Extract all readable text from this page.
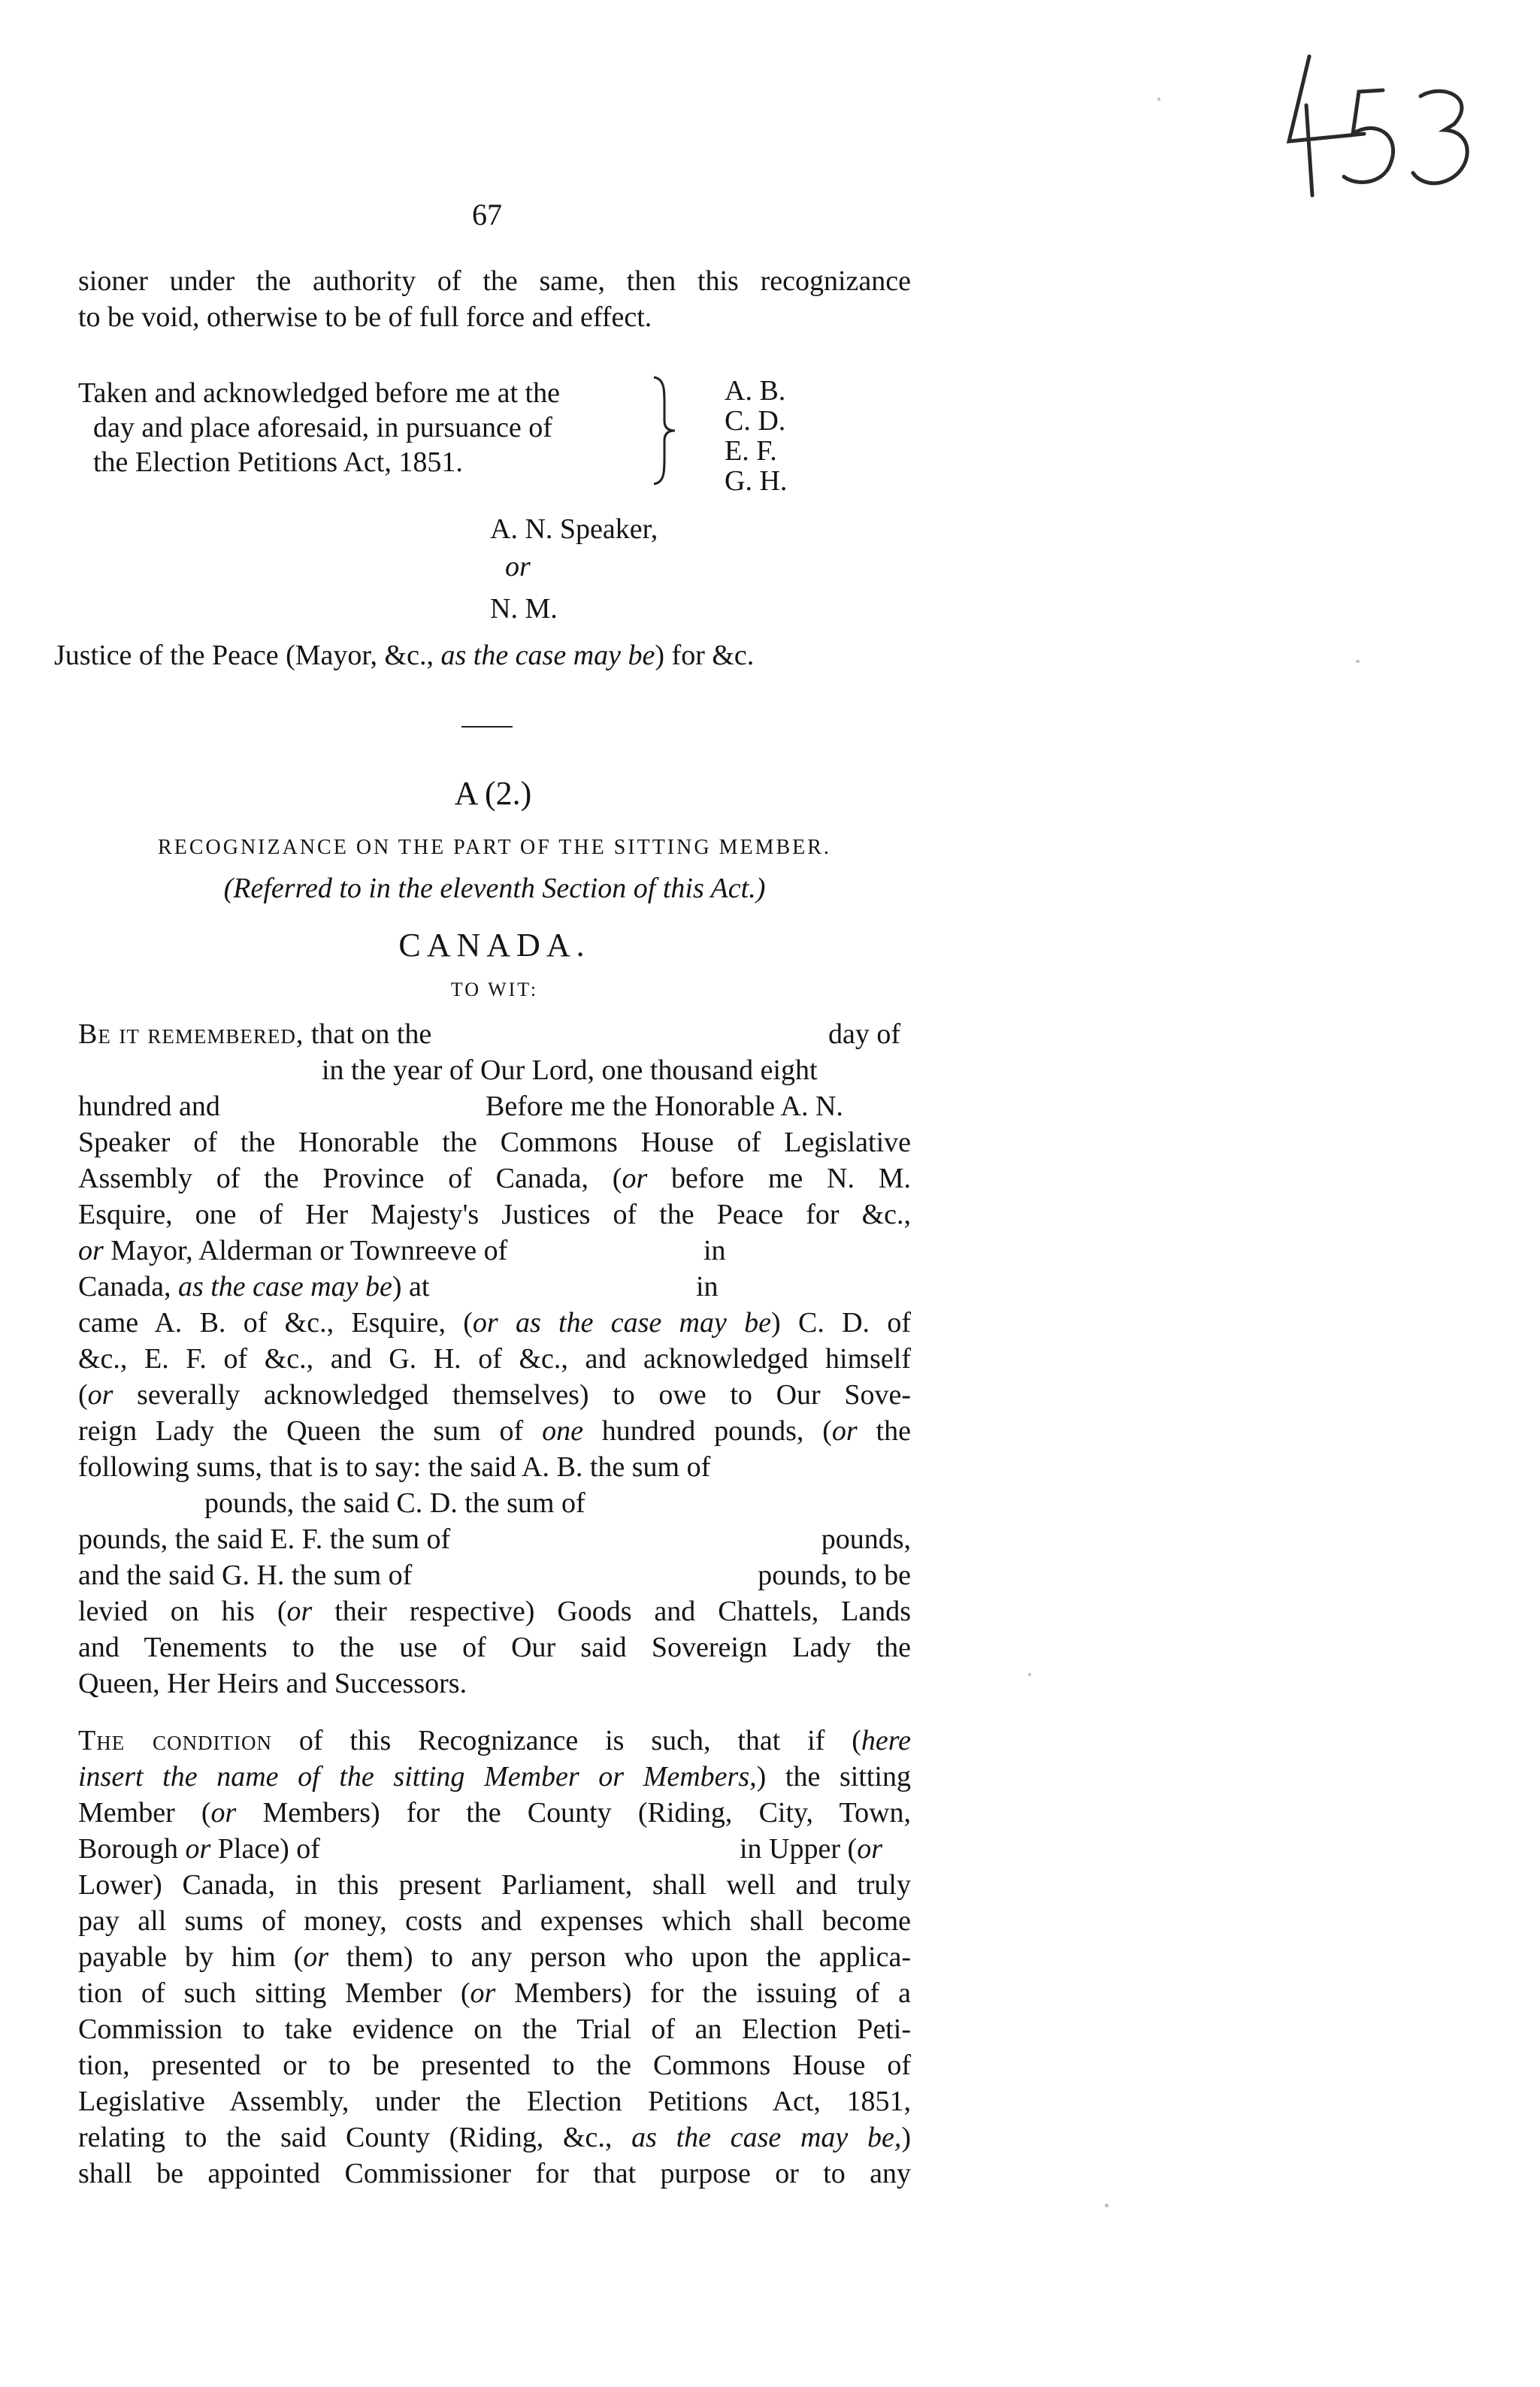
67
sioner under the authority of the same, then this recognizance
to be void, otherwise to be of full force and effect.
Taken and acknowledged before me at the
day and place aforesaid, in pursuance of
the Election Petitions Act, 1851.
A. B.
C. D.
E. F.
G. H.
A. N. Speaker,
or
N. M.
Justice of the Peace (Mayor, &c., as the case may be) for &c.
A (2.)
RECOGNIZANCE ON THE PART OF THE SITTING MEMBER.
(Referred to in the eleventh Section of this Act.)
CANADA.
TO WIT:
Be it remembered, that on the	day of
in the year of Our Lord, one thousand eight
hundred and	Before me the Honorable A. N.
Speaker of the Honorable the Commons House of Legislative
Assembly of the Province of Canada, (or before me N. M.
Esquire, one of Her Majesty's Justices of the Peace for &c.,
or Mayor, Alderman or Townreeve of	in
Canada, as the case may be) at	in
came A. B. of &c., Esquire, (or as the case may be) C. D. of
&c., E. F. of &c., and G. H. of &c., and acknowledged himself
(or severally acknowledged themselves) to owe to Our Sove-
reign Lady the Queen the sum of one hundred pounds, (or the
following sums, that is to say: the said A. B. the sum of
pounds, the said C. D. the sum of
pounds, the said E. F. the sum of	pounds,
and the said G. H. the sum of	pounds, to be
levied on his (or their respective) Goods and Chattels, Lands
and Tenements to the use of Our said Sovereign Lady the
Queen, Her Heirs and Successors.
The condition of this Recognizance is such, that if (here
insert the name of the sitting Member or Members,) the sitting
Member (or Members) for the County (Riding, City, Town,
Borough or Place) of	in Upper (or
Lower) Canada, in this present Parliament, shall well and truly
pay all sums of money, costs and expenses which shall become
payable by him (or them) to any person who upon the applica-
tion of such sitting Member (or Members) for the issuing of a
Commission to take evidence on the Trial of an Election Peti-
tion, presented or to be presented to the Commons House of
Legislative Assembly, under the Election Petitions Act, 1851,
relating to the said County (Riding, &c., as the case may be,)
shall be appointed Commissioner for that purpose or to any
